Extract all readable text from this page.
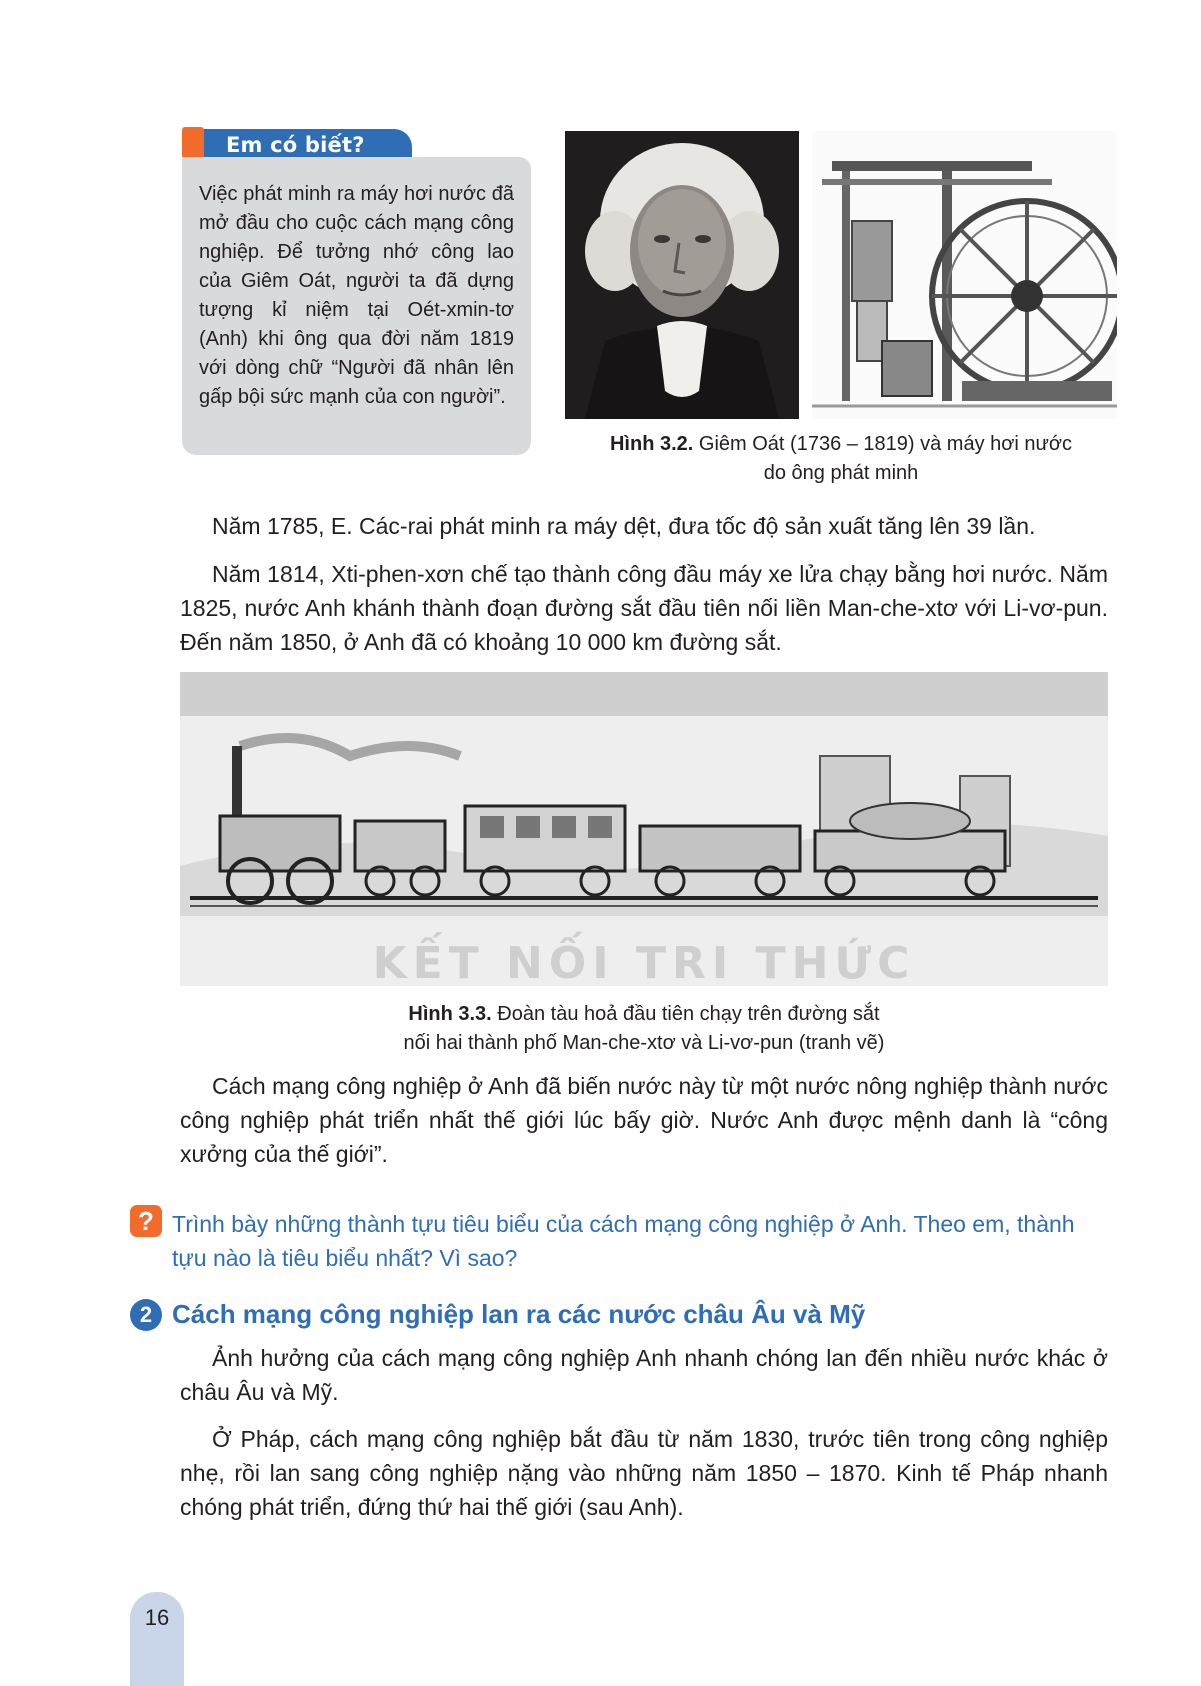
Em có biết?
Việc phát minh ra máy hơi nước đã mở đầu cho cuộc cách mạng công nghiệp. Để tưởng nhớ công lao của Giêm Oát, người ta đã dựng tượng kỉ niệm tại Oét-xmin-tơ (Anh) khi ông qua đời năm 1819 với dòng chữ “Người đã nhân lên gấp bội sức mạnh của con người”.
Hình 3.2. Giêm Oát (1736 – 1819) và máy hơi nước
do ông phát minh
Năm 1785, E. Các-rai phát minh ra máy dệt, đưa tốc độ sản xuất tăng lên 39 lần.
Năm 1814, Xti-phen-xơn chế tạo thành công đầu máy xe lửa chạy bằng hơi nước. Năm 1825, nước Anh khánh thành đoạn đường sắt đầu tiên nối liền Man-che-xtơ với Li-vơ-pun. Đến năm 1850, ở Anh đã có khoảng 10 000 km đường sắt.
KẾT NỐI TRI THỨC
Hình 3.3. Đoàn tàu hoả đầu tiên chạy trên đường sắt
nối hai thành phố Man-che-xtơ và Li-vơ-pun (tranh vẽ)
Cách mạng công nghiệp ở Anh đã biến nước này từ một nước nông nghiệp thành nước công nghiệp phát triển nhất thế giới lúc bấy giờ. Nước Anh được mệnh danh là “công xưởng của thế giới”.
? Trình bày những thành tựu tiêu biểu của cách mạng công nghiệp ở Anh. Theo em, thành tựu nào là tiêu biểu nhất? Vì sao?
2 Cách mạng công nghiệp lan ra các nước châu Âu và Mỹ
Ảnh hưởng của cách mạng công nghiệp Anh nhanh chóng lan đến nhiều nước khác ở châu Âu và Mỹ.
Ở Pháp, cách mạng công nghiệp bắt đầu từ năm 1830, trước tiên trong công nghiệp nhẹ, rồi lan sang công nghiệp nặng vào những năm 1850 – 1870. Kinh tế Pháp nhanh chóng phát triển, đứng thứ hai thế giới (sau Anh).
16
